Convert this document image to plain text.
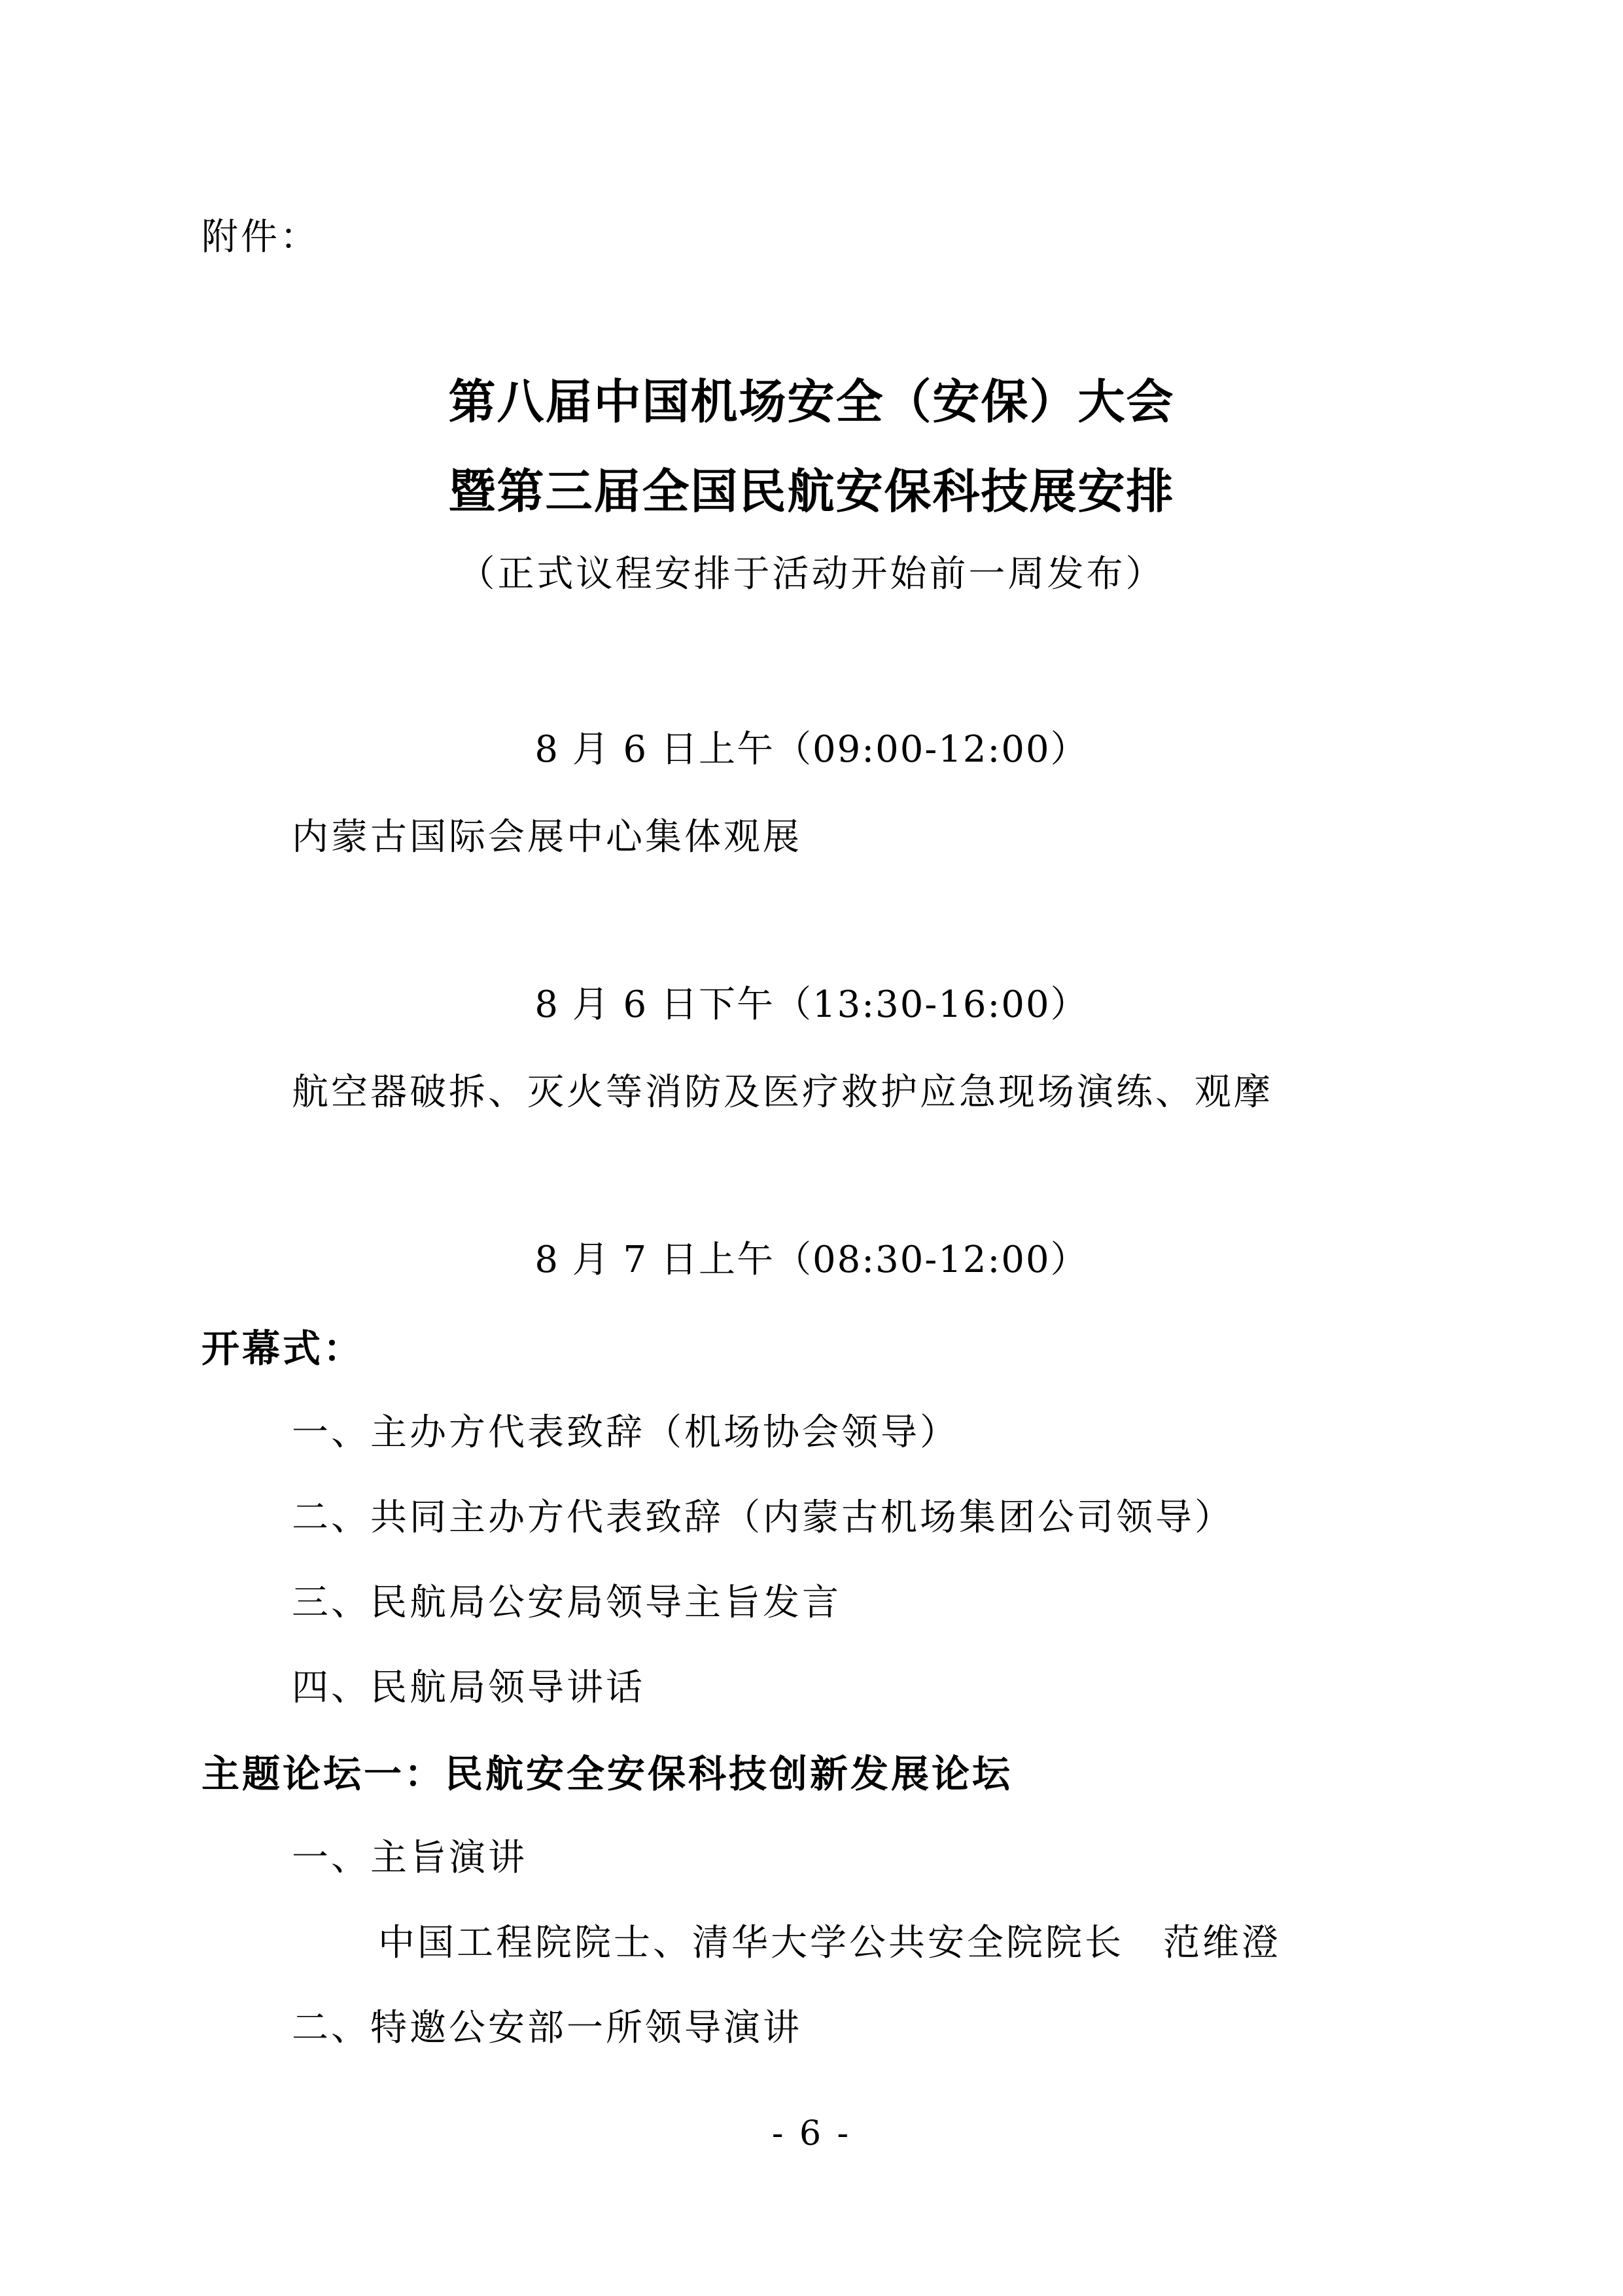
附件：
第八届中国机场安全（安保）大会
暨第三届全国民航安保科技展安排
（正式议程安排于活动开始前一周发布）
8 月 6 日上午（09:00-12:00）
内蒙古国际会展中心集体观展
8 月 6 日下午（13:30-16:00）
航空器破拆、灭火等消防及医疗救护应急现场演练、观摩
8 月 7 日上午（08:30-12:00）
开幕式：
一、主办方代表致辞（机场协会领导）
二、共同主办方代表致辞（内蒙古机场集团公司领导）
三、民航局公安局领导主旨发言
四、民航局领导讲话
主题论坛一：民航安全安保科技创新发展论坛
一、主旨演讲
中国工程院院士、清华大学公共安全院院长　范维澄
二、特邀公安部一所领导演讲
- 6 -
